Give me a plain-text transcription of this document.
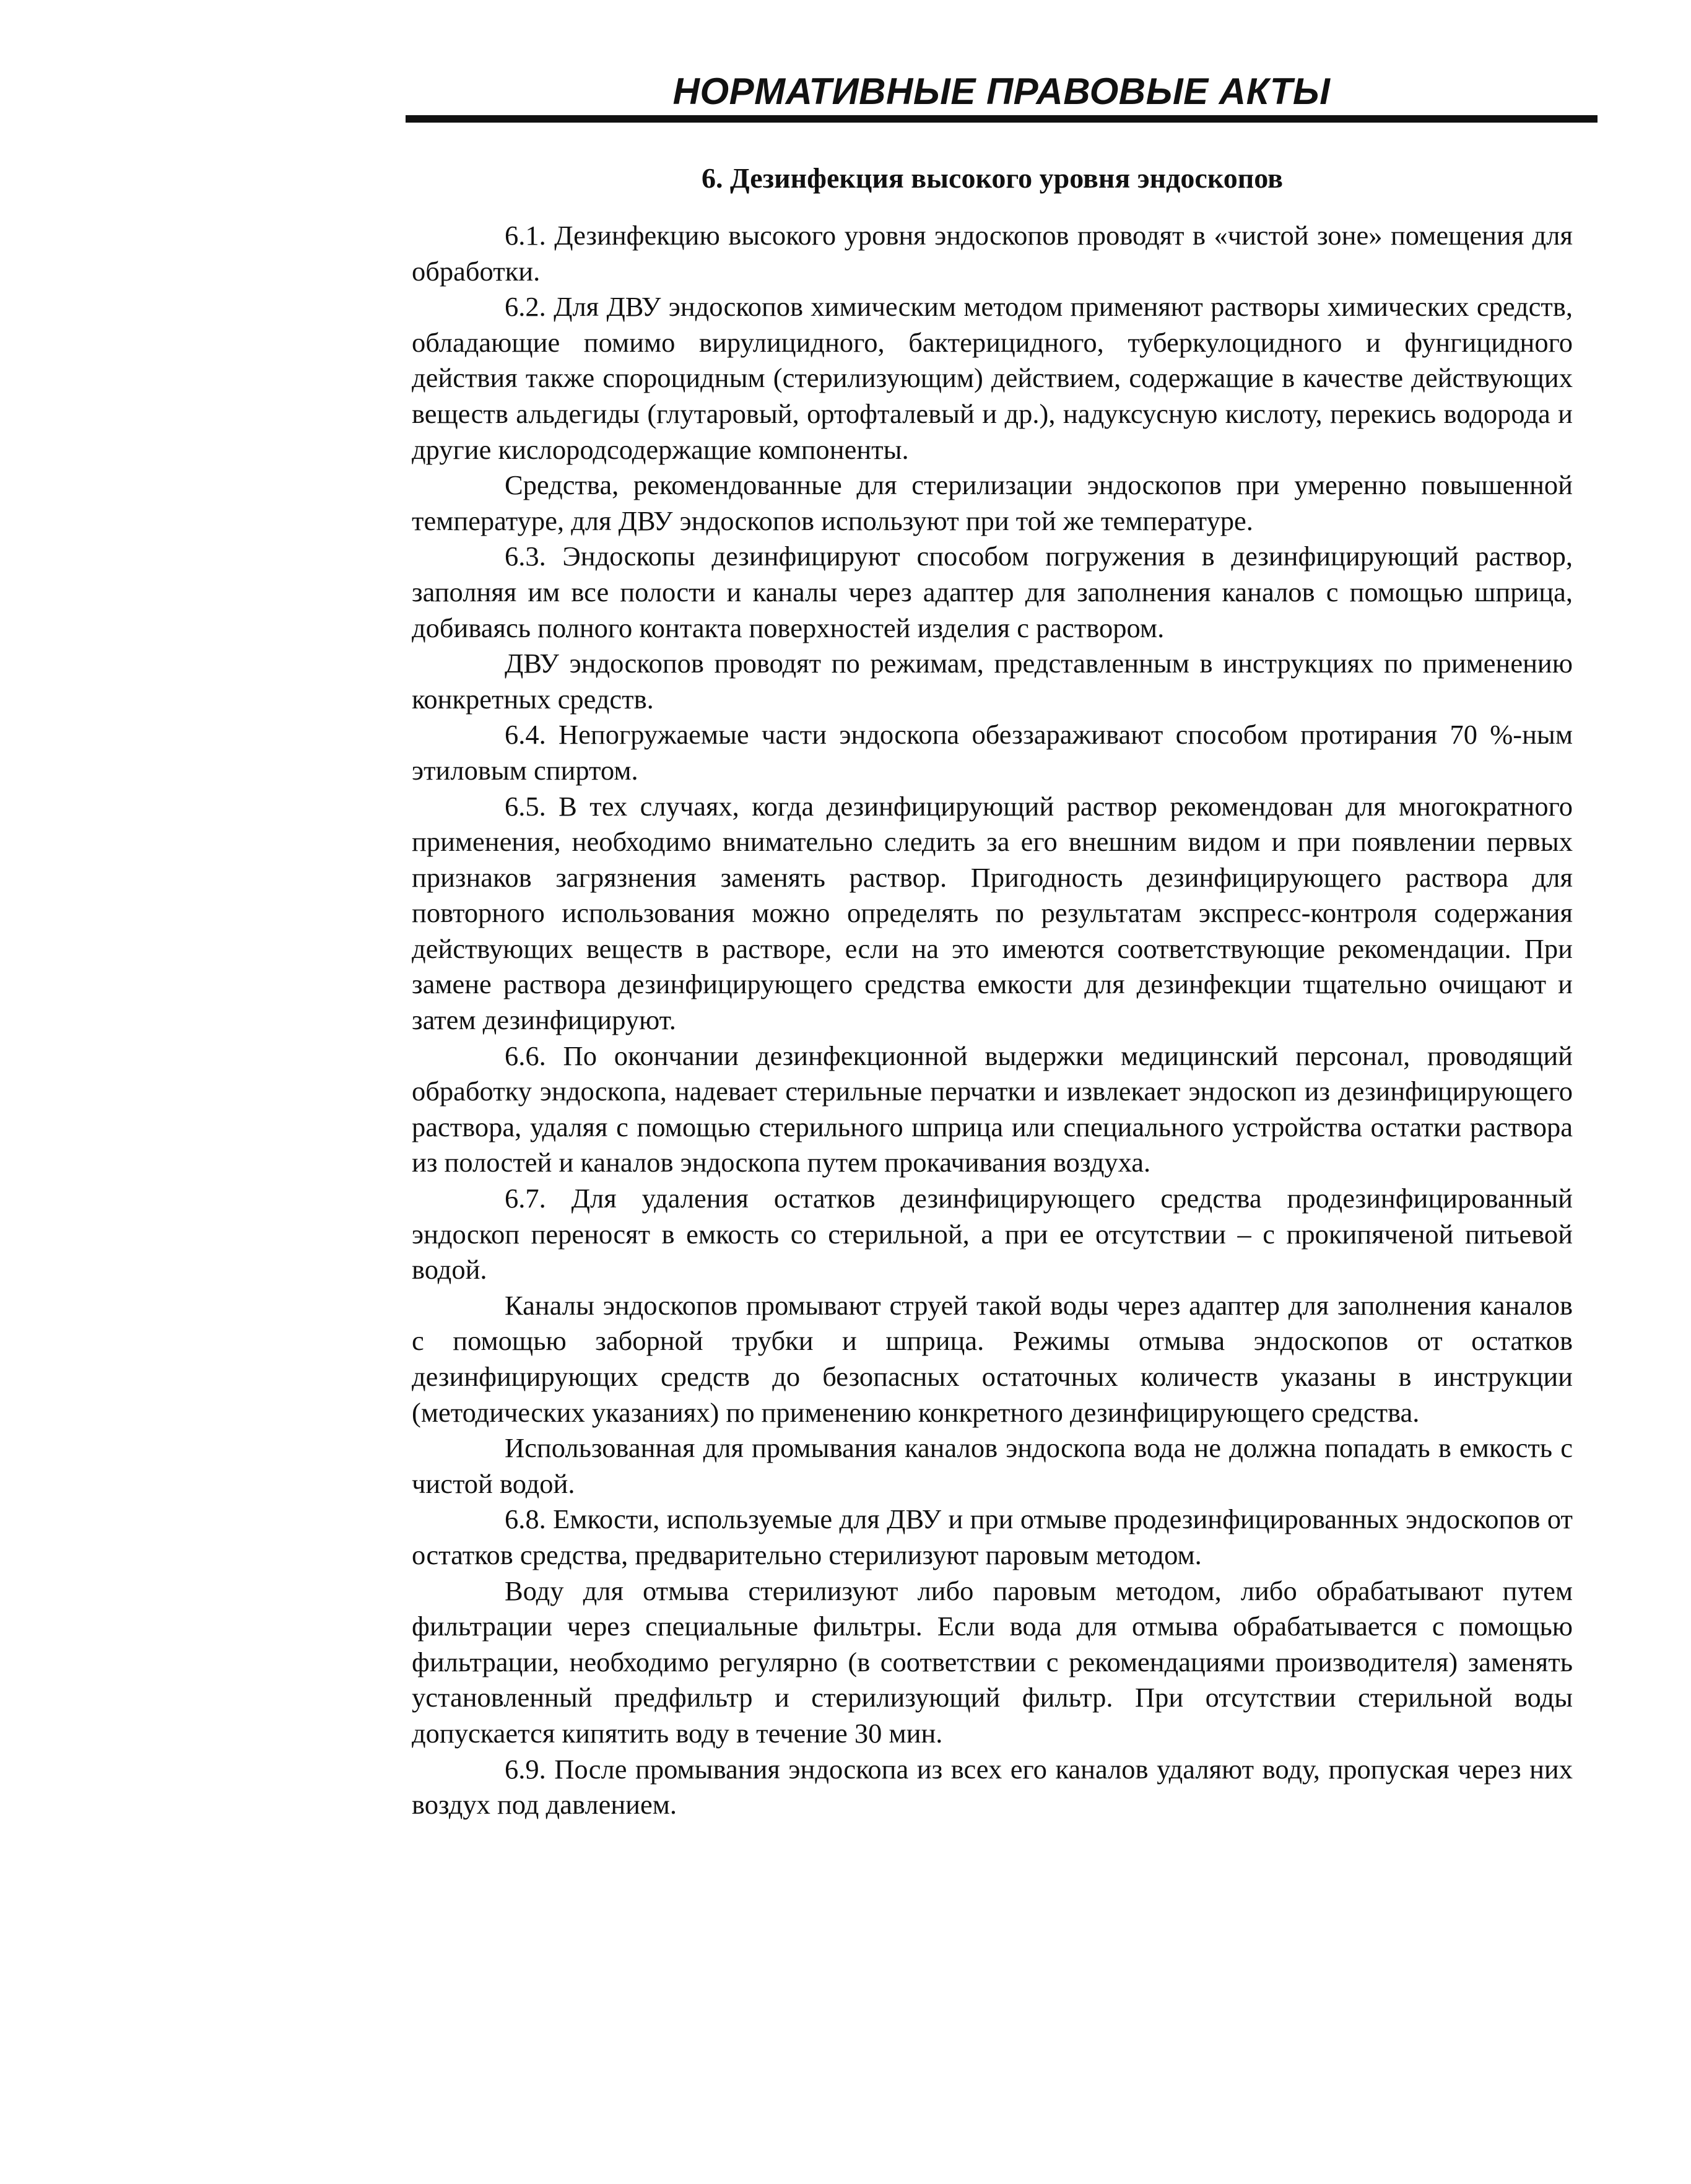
НОРМАТИВНЫЕ ПРАВОВЫЕ АКТЫ
6. Дезинфекция высокого уровня эндоскопов

6.1. Дезинфекцию высокого уровня эндоскопов проводят в «чистой зоне» помещения для обработки.

6.2. Для ДВУ эндоскопов химическим методом применяют растворы химических средств, обладающие помимо вирулицидного, бактерицидного, туберкулоцидного и фунгицидного действия также спороцидным (стерилизующим) действием, содержащие в качестве действующих веществ альдегиды (глутаровый, ортофталевый и др.), надуксусную кислоту, перекись водорода и другие кислородсодержащие компоненты.

Средства, рекомендованные для стерилизации эндоскопов при умеренно повышенной температуре, для ДВУ эндоскопов используют при той же температуре.

6.3. Эндоскопы дезинфицируют способом погружения в дезинфицирующий раствор, заполняя им все полости и каналы через адаптер для заполнения каналов с помощью шприца, добиваясь полного контакта поверхностей изделия с раствором.

ДВУ эндоскопов проводят по режимам, представленным в инструкциях по применению конкретных средств.

6.4. Непогружаемые части эндоскопа обеззараживают способом протирания 70 %-ным этиловым спиртом.

6.5. В тех случаях, когда дезинфицирующий раствор рекомендован для многократного применения, необходимо внимательно следить за его внешним видом и при появлении первых признаков загрязнения заменять раствор. Пригодность дезинфицирующего раствора для повторного использования можно определять по результатам экспресс-контроля содержания действующих веществ в растворе, если на это имеются соответствующие рекомендации. При замене раствора дезинфицирующего средства емкости для дезинфекции тщательно очищают и затем дезинфицируют.

6.6. По окончании дезинфекционной выдержки медицинский персонал, проводящий обработку эндоскопа, надевает стерильные перчатки и извлекает эндоскоп из дезинфицирующего раствора, удаляя с помощью стерильного шприца или специального устройства остатки раствора из полостей и каналов эндоскопа путем прокачивания воздуха.

6.7. Для удаления остатков дезинфицирующего средства продезинфицированный эндоскоп переносят в емкость со стерильной, а при ее отсутствии – с прокипяченой питьевой водой.

Каналы эндоскопов промывают струей такой воды через адаптер для заполнения каналов с помощью заборной трубки и шприца. Режимы отмыва эндоскопов от остатков дезинфицирующих средств до безопасных остаточных количеств указаны в инструкции (методических указаниях) по применению конкретного дезинфицирующего средства.

Использованная для промывания каналов эндоскопа вода не должна попадать в емкость с чистой водой.

6.8. Емкости, используемые для ДВУ и при отмыве продезинфицированных эндоскопов от остатков средства, предварительно стерилизуют паровым методом.

Воду для отмыва стерилизуют либо паровым методом, либо обрабатывают путем фильтрации через специальные фильтры. Если вода для отмыва обрабатывается с помощью фильтрации, необходимо регулярно (в соответствии с рекомендациями производителя) заменять установленный предфильтр и стерилизующий фильтр. При отсутствии стерильной воды допускается кипятить воду в течение 30 мин.

6.9. После промывания эндоскопа из всех его каналов удаляют воду, пропуская через них воздух под давлением.
